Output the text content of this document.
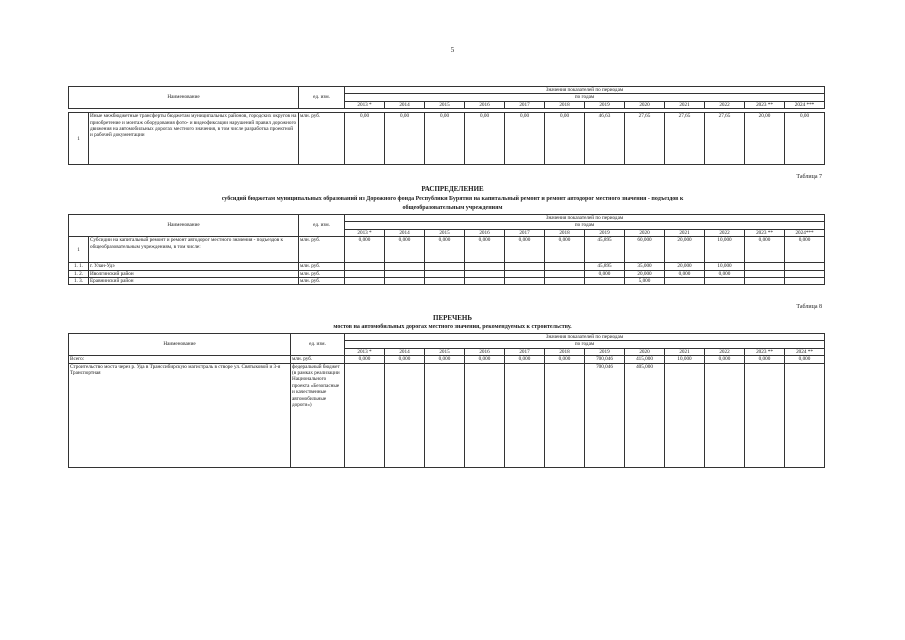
5
Наименование		ед. изм.	Значения показателей по периодам											
			по годам											
			2013 *	2014	2015	2016	2017	2018	2019	2020	2021	2022	2023 **	2024 ***

1	Иные межбюджетные трансферты бюджетам муниципальных районов, городских округов на приобретение и монтаж оборудования фото- и видеофиксации нарушений правил дорожного движения на автомобильных дорогах местного значения, в том числе разработка проектной и рабочей документации	млн. руб.	0,00	0,00	0,00	0,00	0,00	0,00	46,63	27,65	27,65	27,65	20,00	0,00
Таблица 7
РАСПРЕДЕЛЕНИЕ
субсидий бюджетам муниципальных образований из Дорожного фонда Республики Бурятия на капитальный ремонт и ремонт автодорог местного значения - подъездов к
общеобразовательным учреждениям
Наименование		ед. изм.	Значения показателей по периодам											
			по годам											
			2013 *	2014	2015	2016	2017	2018	2019	2020	2021	2022	2023 **	2024***
1	Субсидии на капитальный ремонт и ремонт автодорог местного значения - подъездов к общеобразовательным учреждениям, в том числе:	млн. руб.	0,000	0,000	0,000	0,000	0,000	0,000	45,895	60,000	20,000	10,000	0,000	0,000
1. 1.	г. Улан-Удэ	млн. руб.							45,895	35,000	20,000	10,000		
1. 2.	Иволгинский район	млн. руб.							0,000	20,000	0,000	0,000		
1. 3.	Еравнинский район	млн. руб.								5,000				
Таблица 8
ПЕРЕЧЕНЬ
мостов на автомобильных дорогах местного значения, рекомендуемых к строительству.
Наименование	ед. изм.	Значения показателей по периодам											
		по годам											
		2013 *	2014	2015	2016	2017	2018	2019	2020	2021	2022	2023 **	2024 **
Всего:	млн. руб.	0,000	0,000	0,000	0,000	0,000	0,000	700,046	415,000	10,000	0,000	0,000	0,000
Строительство моста через р. Уда в Транссибирскую магистраль в створе ул. Святыковой и 3-я Транспортная	федеральный бюджет (в рамках реализации Национального проекта «Безопасные и качественные автомобильные дороги»)							700,046	405,000				
